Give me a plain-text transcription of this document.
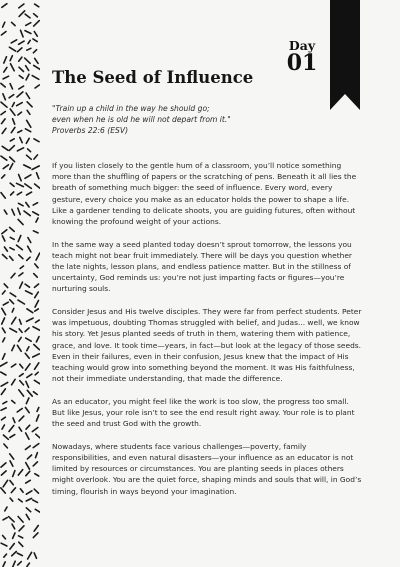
Day
01
The Seed of Influence
"Train up a child in the way he should go;
even when he is old he will not depart from it."
Proverbs 22:6 (ESV)

If you listen closely to the gentle hum of a classroom, you’ll notice something more than the shuffling of papers or the scratching of pens. Beneath it all lies the breath of something much bigger: the seed of influence. Every word, every gesture, every choice you make as an educator holds the power to shape a life. Like a gardener tending to delicate shoots, you are guiding futures, often without knowing the profound weight of your actions.

In the same way a seed planted today doesn’t sprout tomorrow, the lessons you teach might not bear fruit immediately. There will be days you question whether the late nights, lesson plans, and endless patience matter. But in the stillness of uncertainty, God reminds us: you’re not just imparting facts or figures—you’re nurturing souls.

Consider Jesus and His twelve disciples. They were far from perfect students. Peter was impetuous, doubting Thomas struggled with belief, and Judas... well, we know his story. Yet Jesus planted seeds of truth in them, watering them with patience, grace, and love. It took time—years, in fact—but look at the legacy of those seeds. Even in their failures, even in their confusion, Jesus knew that the impact of His teaching would grow into something beyond the moment. It was His faithfulness, not their immediate understanding, that made the difference.

As an educator, you might feel like the work is too slow, the progress too small. But like Jesus, your role isn’t to see the end result right away. Your role is to plant the seed and trust God with the growth.

Nowadays, where students face various challenges—poverty, family responsibilities, and even natural disasters—your influence as an educator is not limited by resources or circumstances. You are planting seeds in places others might overlook. You are the quiet force, shaping minds and souls that will, in God’s timing, flourish in ways beyond your imagination.
